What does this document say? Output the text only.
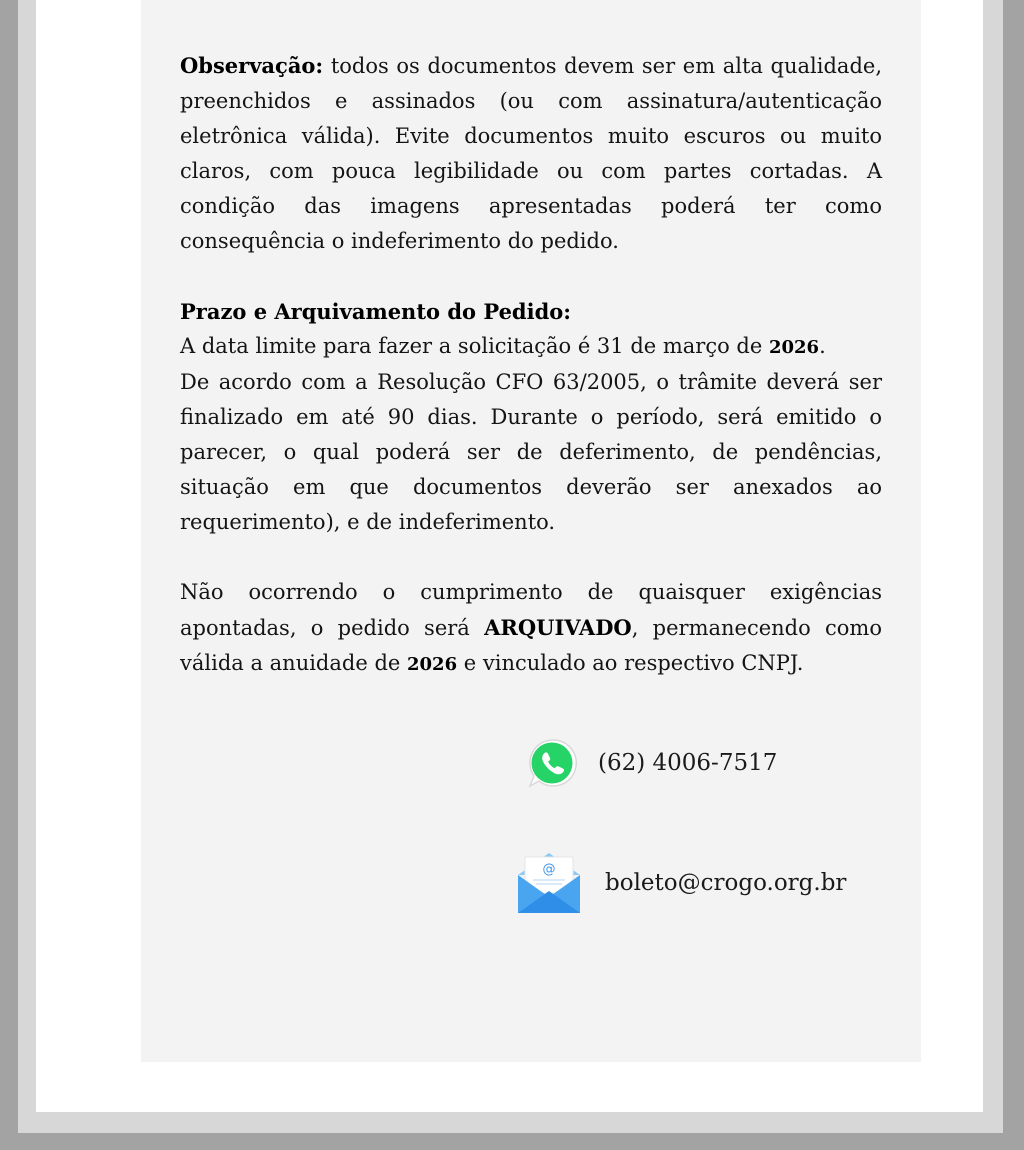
Observação: todos os documentos devem ser em alta qualidade, preenchidos e assinados (ou com assinatura/autenticação eletrônica válida). Evite documentos muito escuros ou muito claros, com pouca legibilidade ou com partes cortadas. A condição das imagens apresentadas poderá ter como consequência o indeferimento do pedido.

Prazo e Arquivamento do Pedido:

A data limite para fazer a solicitação é 31 de março de 2026.

De acordo com a Resolução CFO 63/2005, o trâmite deverá ser finalizado em até 90 dias. Durante o período, será emitido o parecer, o qual poderá ser de deferimento, de pendências, situação em que documentos deverão ser anexados ao requerimento), e de indeferimento.

Não ocorrendo o cumprimento de quaisquer exigências apontadas, o pedido será ARQUIVADO, permanecendo como válida a anuidade de 2026 e vinculado ao respectivo CNPJ.

(62) 4006-7517
@
boleto@crogo.org.br
